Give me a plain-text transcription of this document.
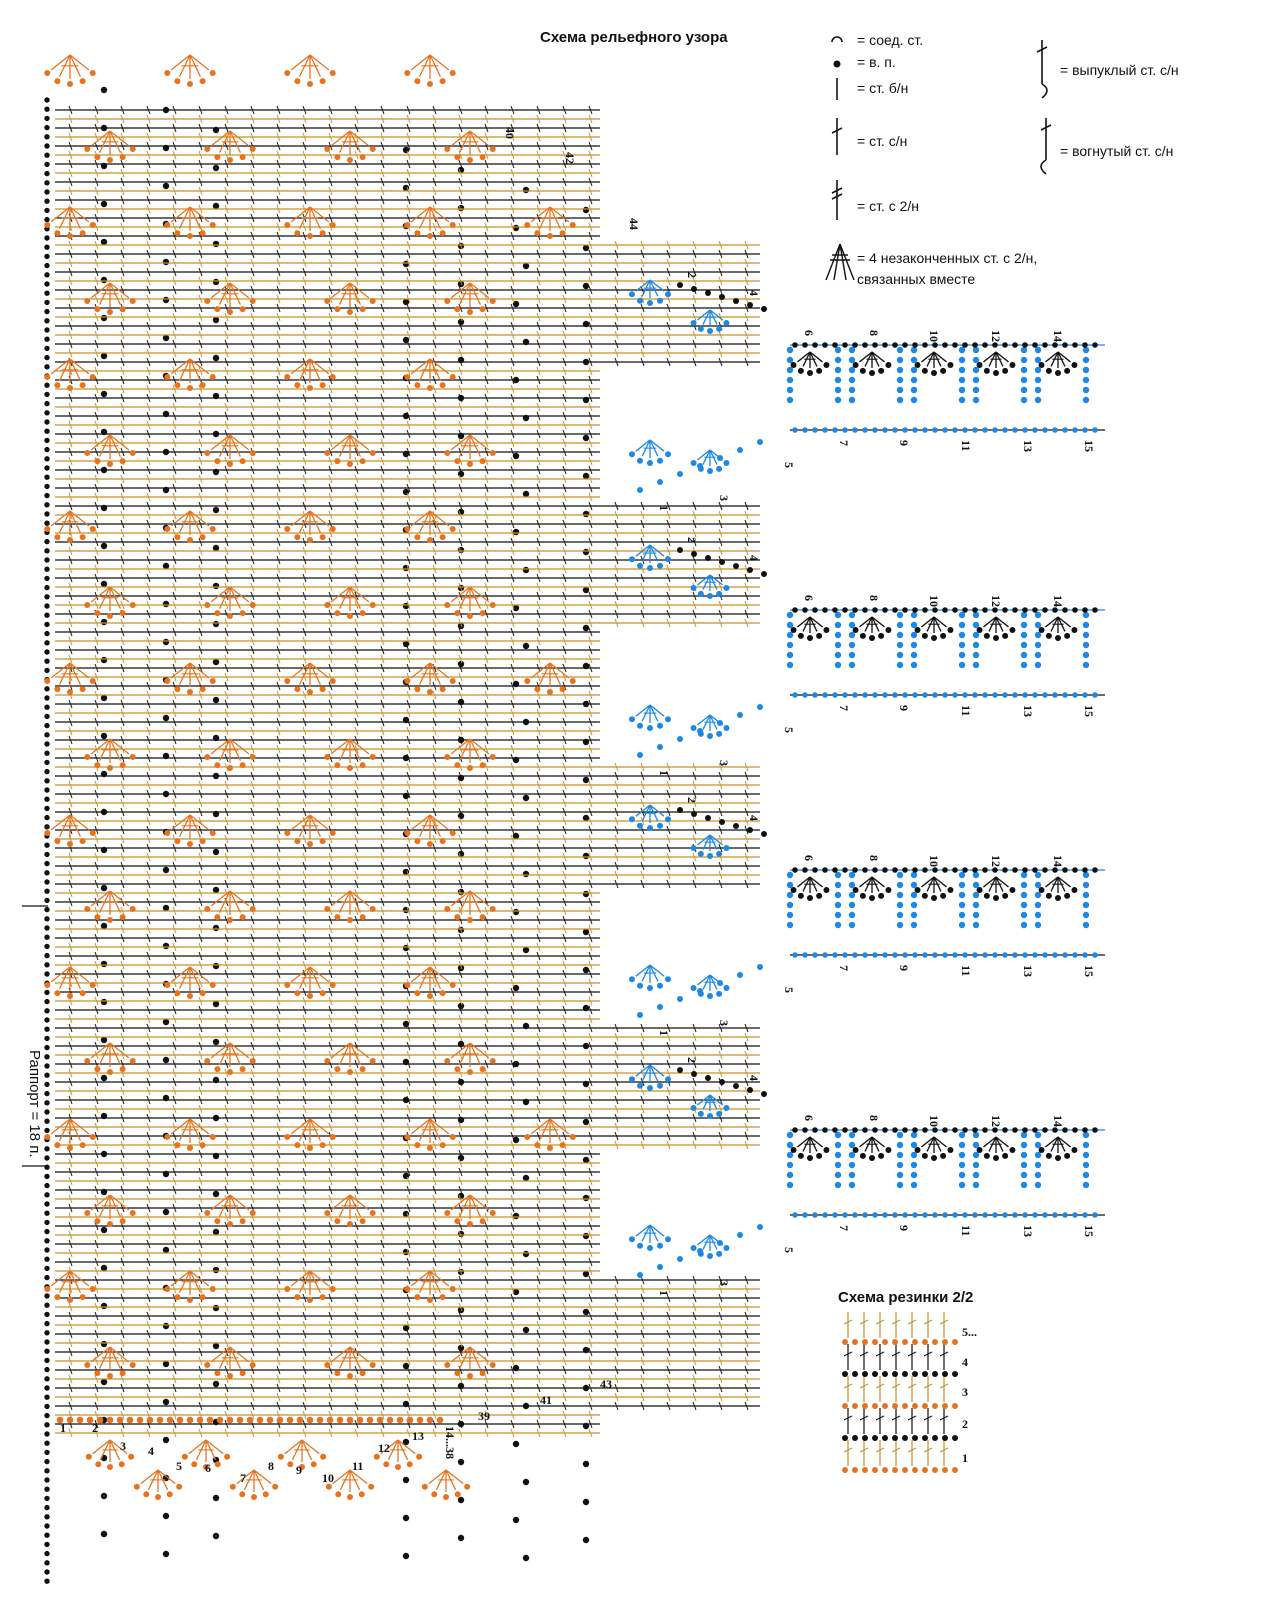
Схема рельефного узора	= соед. ст.
= в. п.
= ст. б/н
= ст. с/н
= ст. с 2/н
= 4 незаконченных ст. с 2/н,
связанных вместе
= выпуклый ст. с/н
= вогнутый ст. с/н
Раппорт = 18 п.
1 2
3 4
5 6
7
8 9
10
11
12
13 14...38
39
41
43
40
42
44
1
3
5
7	9	11	13	15
2
4
6	8	10	12	14
1
3
5
7	9	11	13	15
2
4
6	8	10	12	14
1
3
5
7	9	11	13	15
2
4
6	8	10	12	14
1
3
5
7	9	11	13	15
2
4
6	8	10	12	14
Схема резинки 2/2
1
2
3
4
5...
